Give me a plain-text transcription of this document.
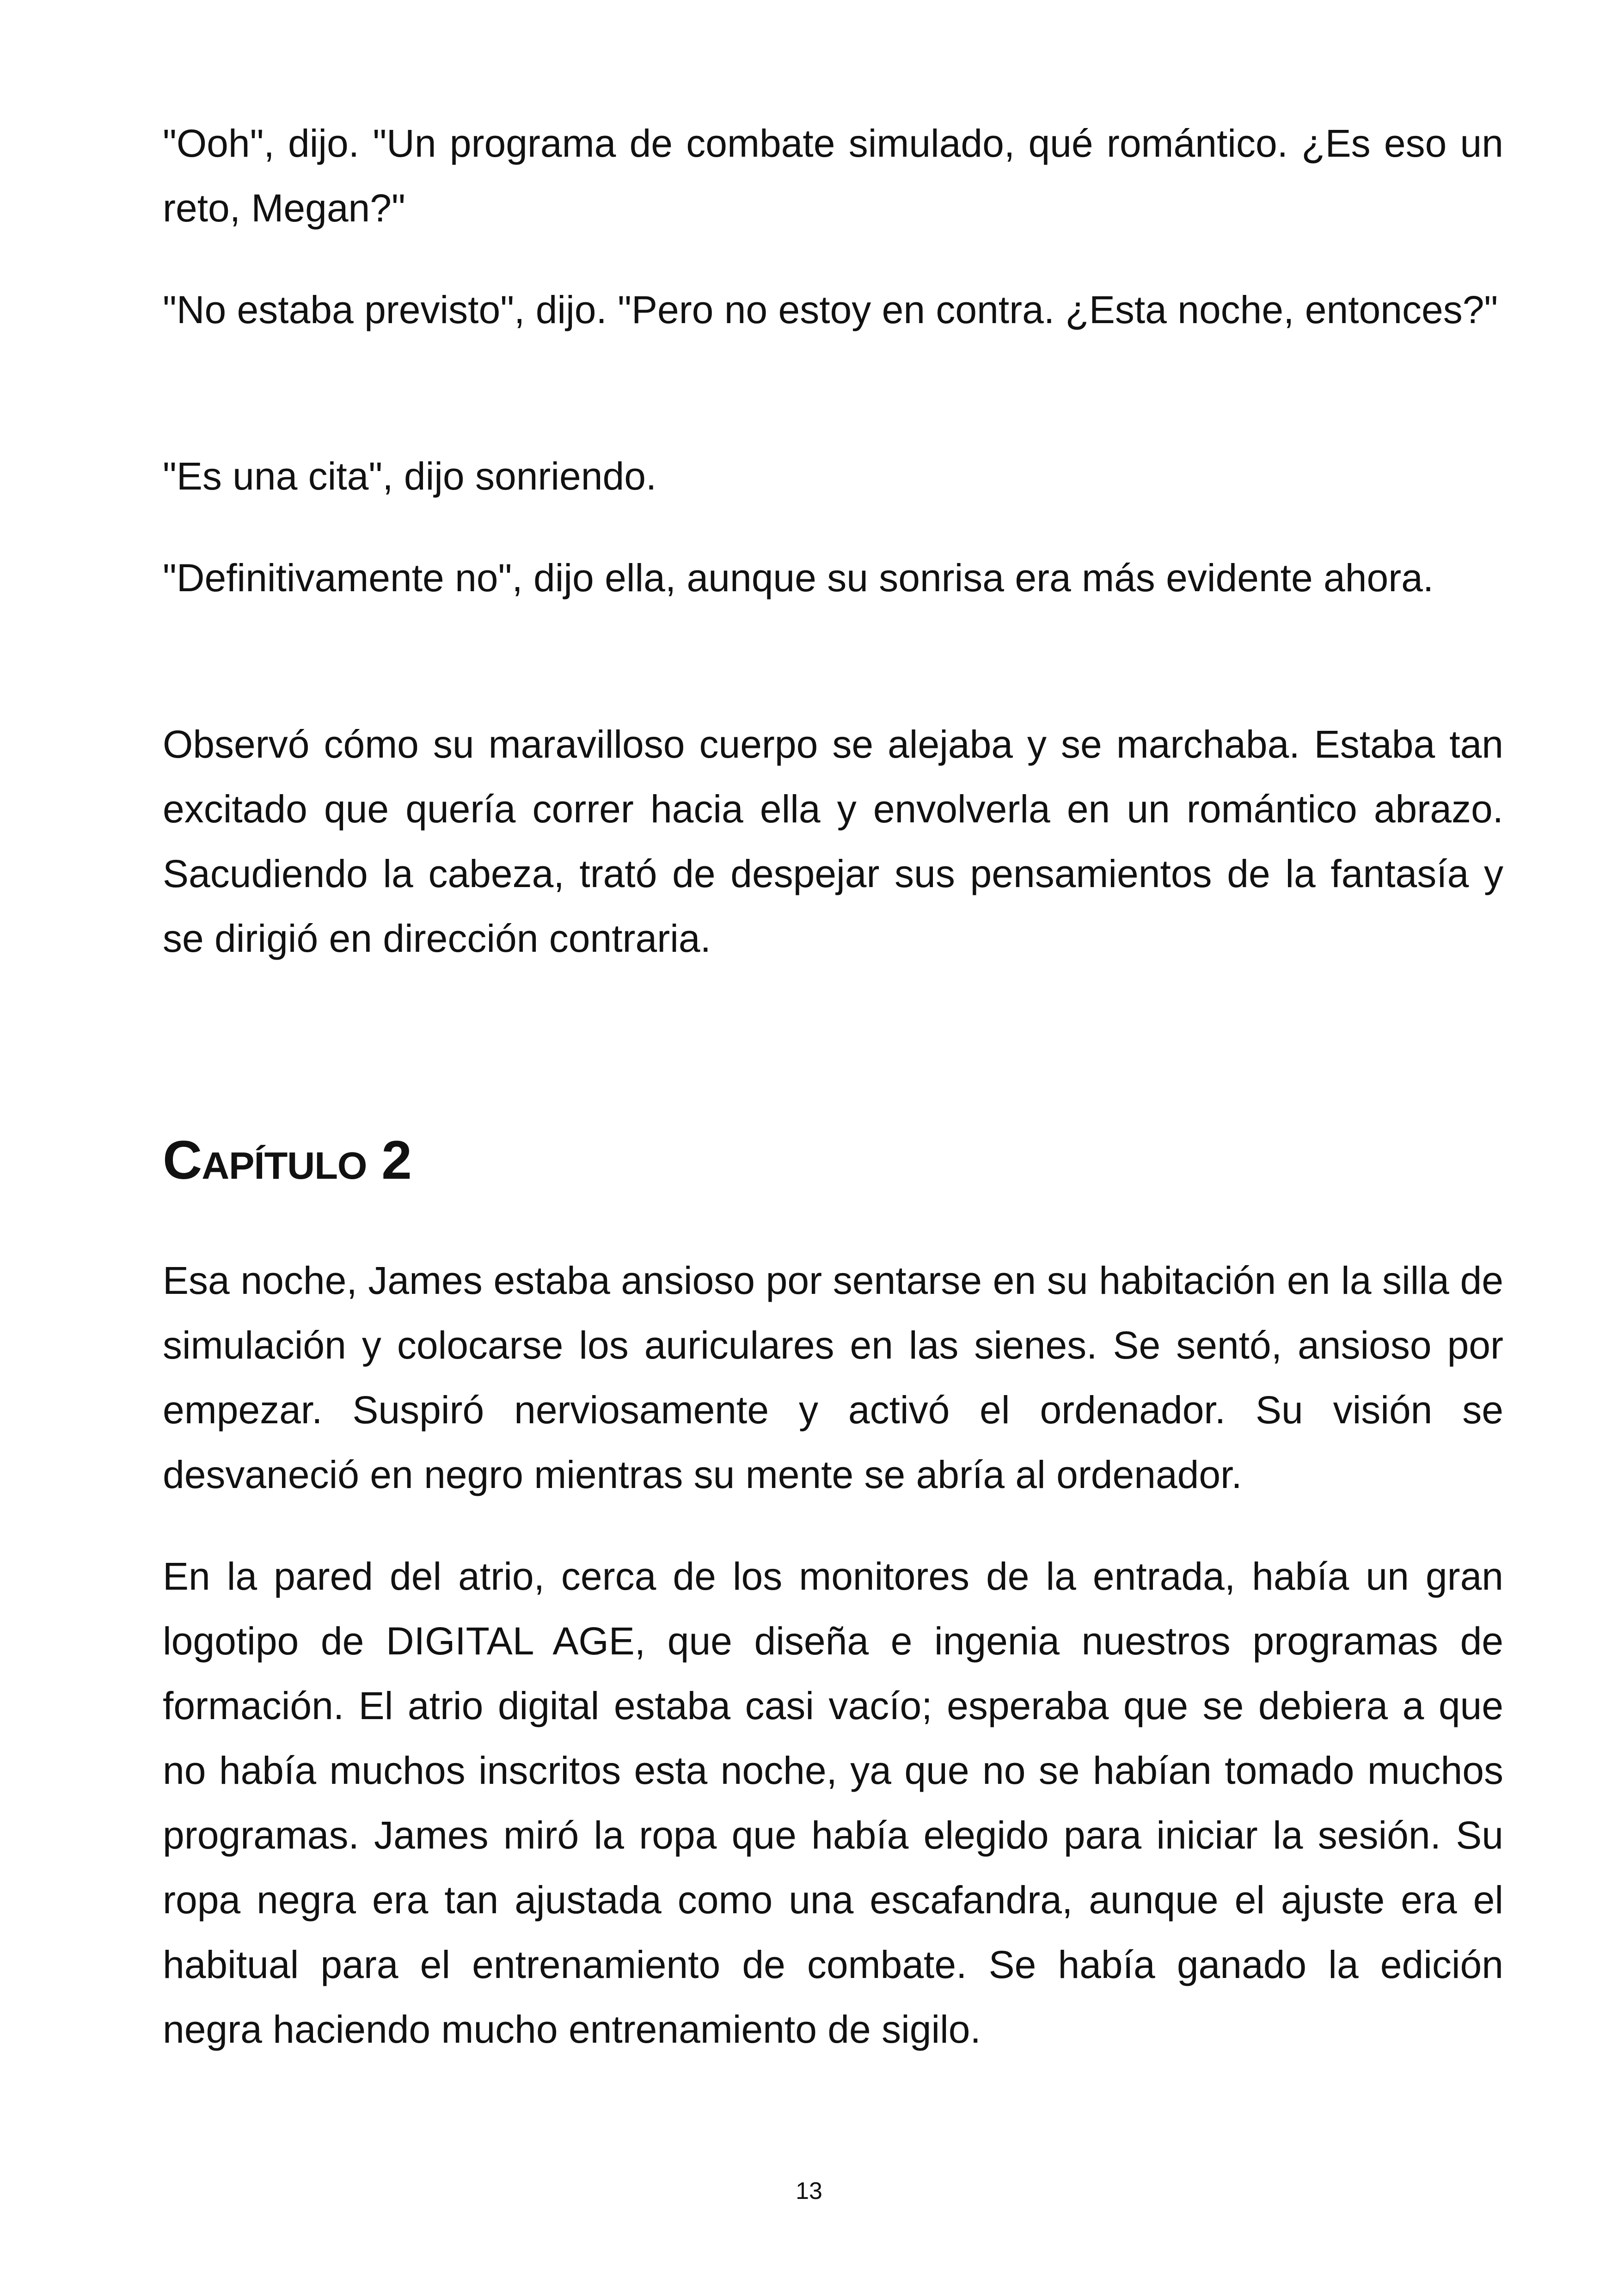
"Ooh", dijo. "Un programa de combate simulado, qué romántico. ¿Es eso un reto, Megan?"

"No estaba previsto", dijo. "Pero no estoy en contra. ¿Esta noche, entonces?"

"Es una cita", dijo sonriendo.

"Definitivamente no", dijo ella, aunque su sonrisa era más evidente ahora.

Observó cómo su maravilloso cuerpo se alejaba y se marchaba. Estaba tan excitado que quería correr hacia ella y envolverla en un romántico abrazo. Sacudiendo la cabeza, trató de despejar sus pensamientos de la fantasía y se dirigió en dirección contraria.

Capítulo 2

Esa noche, James estaba ansioso por sentarse en su habitación en la silla de simulación y colocarse los auriculares en las sienes. Se sentó, ansioso por empezar. Suspiró nerviosamente y activó el ordenador. Su visión se desvaneció en negro mientras su mente se abría al ordenador.

En la pared del atrio, cerca de los monitores de la entrada, había un gran logotipo de DIGITAL AGE, que diseña e ingenia nuestros programas de formación. El atrio digital estaba casi vacío; esperaba que se debiera a que no había muchos inscritos esta noche, ya que no se habían tomado muchos programas. James miró la ropa que había elegido para iniciar la sesión. Su ropa negra era tan ajustada como una escafandra, aunque el ajuste era el habitual para el entrenamiento de combate. Se había ganado la edición negra haciendo mucho entrenamiento de sigilo.

13
